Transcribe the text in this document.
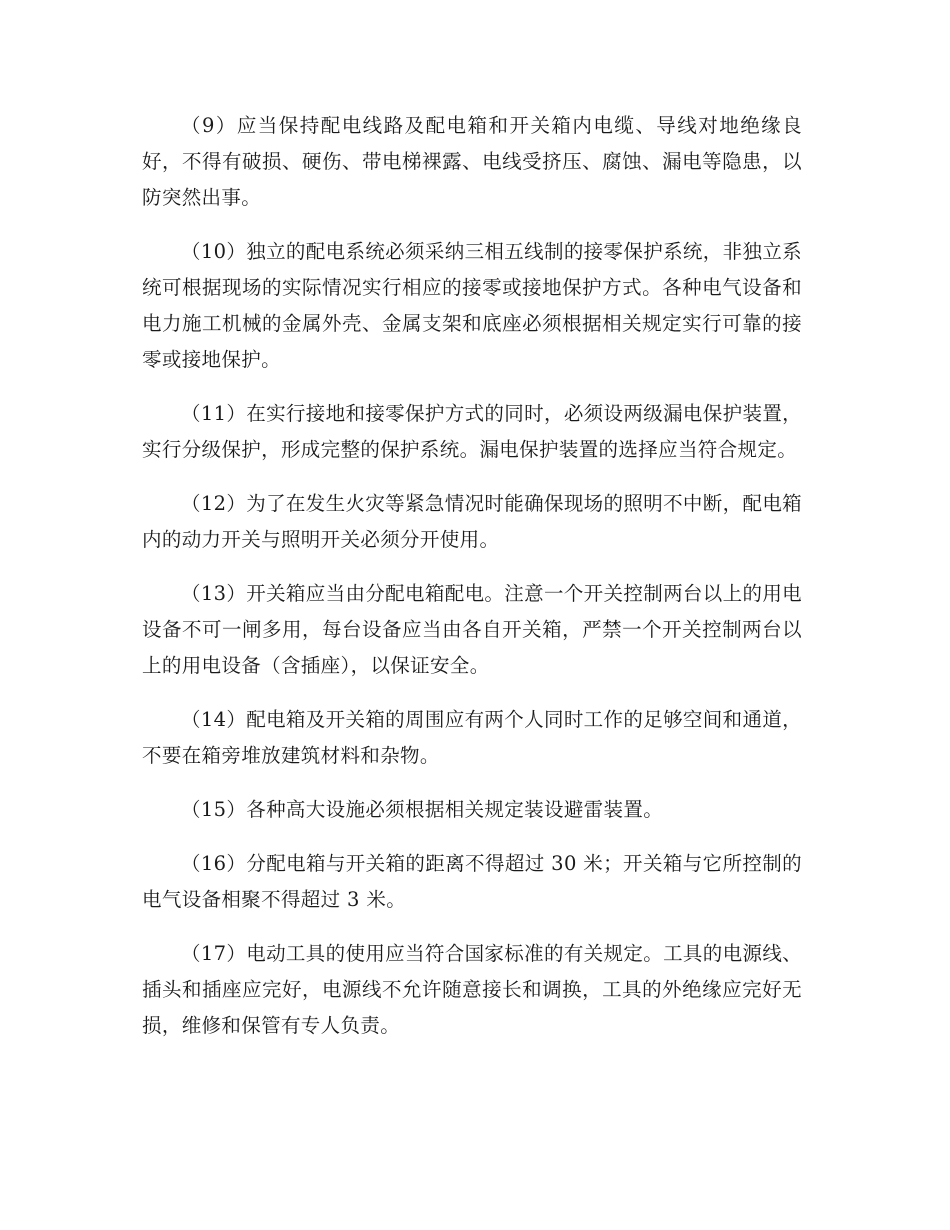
（9）应当保持配电线路及配电箱和开关箱内电缆、导线对地绝缘良好，不得有破损、硬伤、带电梯裸露、电线受挤压、腐蚀、漏电等隐患，以防突然出事。

（10）独立的配电系统必须采纳三相五线制的接零保护系统，非独立系统可根据现场的实际情况实行相应的接零或接地保护方式。各种电气设备和电力施工机械的金属外壳、金属支架和底座必须根据相关规定实行可靠的接零或接地保护。

（11）在实行接地和接零保护方式的同时，必须设两级漏电保护装置，实行分级保护，形成完整的保护系统。漏电保护装置的选择应当符合规定。

（12）为了在发生火灾等紧急情况时能确保现场的照明不中断，配电箱内的动力开关与照明开关必须分开使用。

（13）开关箱应当由分配电箱配电。注意一个开关控制两台以上的用电设备不可一闸多用，每台设备应当由各自开关箱，严禁一个开关控制两台以上的用电设备（含插座），以保证安全。

（14）配电箱及开关箱的周围应有两个人同时工作的足够空间和通道，不要在箱旁堆放建筑材料和杂物。

（15）各种高大设施必须根据相关规定装设避雷装置。

（16）分配电箱与开关箱的距离不得超过 30 米；开关箱与它所控制的电气设备相聚不得超过 3 米。

（17）电动工具的使用应当符合国家标准的有关规定。工具的电源线、插头和插座应完好，电源线不允许随意接长和调换，工具的外绝缘应完好无损，维修和保管有专人负责。
